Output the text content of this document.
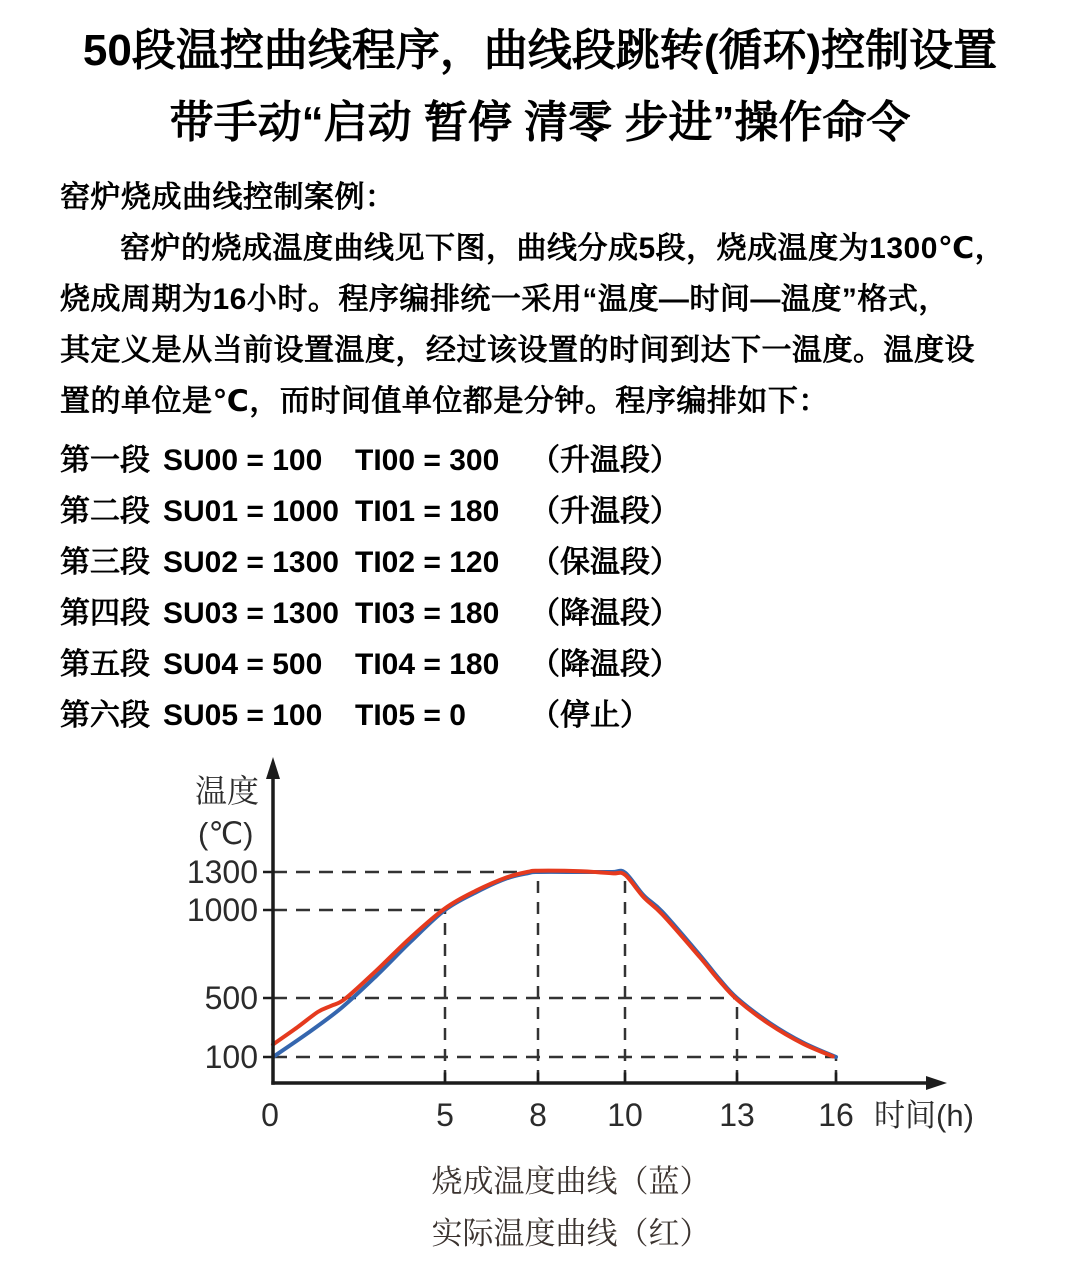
50段温控曲线程序，曲线段跳转(循环)控制设置
带手动“启动 暂停 清零 步进”操作命令
窑炉烧成曲线控制案例：
窑炉的烧成温度曲线见下图，曲线分成5段，烧成温度为1300℃，
烧成周期为16小时。程序编排统一采用“温度—时间—温度”格式，
其定义是从当前设置温度，经过该设置的时间到达下一温度。温度设
置的单位是℃，而时间值单位都是分钟。程序编排如下：
第一段 SU00 = 100	TI00 = 300	（升温段）
第二段 SU01 = 1000 TI01 = 180	（升温段）
第三段 SU02 = 1300 TI02 = 120	（保温段）
第四段 SU03 = 1300 TI03 = 180	（降温段）
第五段 SU04 = 500	TI04 = 180	（降温段）
第六段 SU05 = 100	TI05 = 0	（停止）
1300
1000
500
100
0	5 8 10 13 16
温度
(℃)
时间(h)
烧成温度曲线（蓝）
实际温度曲线（红）
